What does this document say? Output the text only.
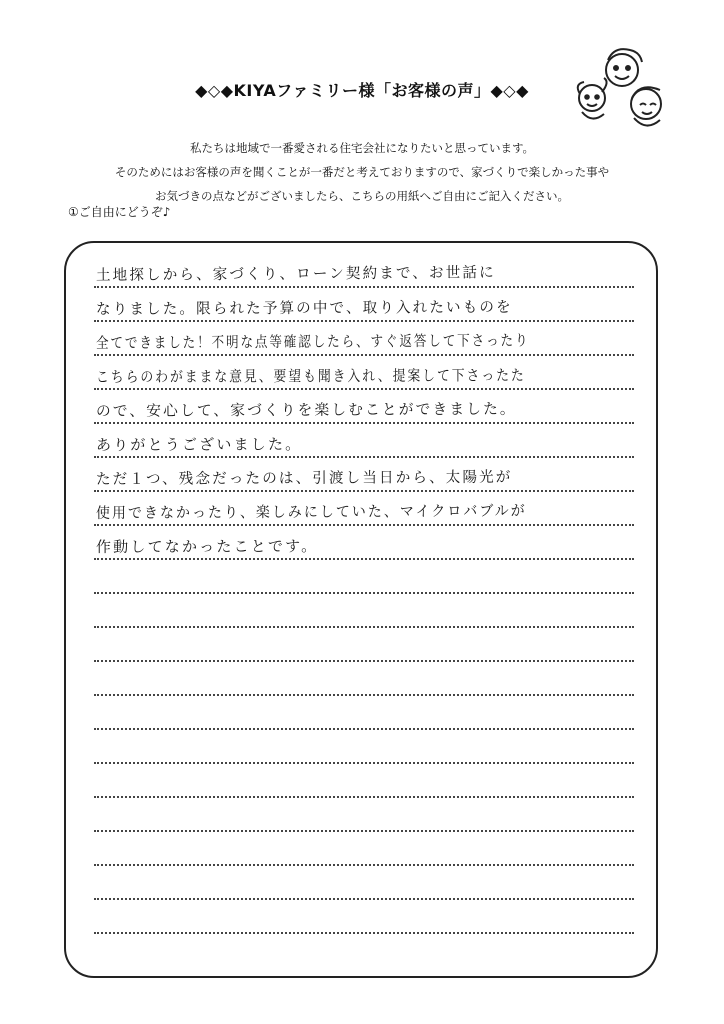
◆◇◆KIYAファミリー様「お客様の声」◆◇◆
私たちは地域で一番愛される住宅会社になりたいと思っています。
そのためにはお客様の声を聞くことが一番だと考えておりますので、家づくりで楽しかった事や
お気づきの点などがございましたら、こちらの用紙へご自由にご記入ください。
①ご自由にどうぞ♪
土地探しから、家づくり、ローン契約まで、お世話に
なりました。限られた予算の中で、取り入れたいものを
全てできました！不明な点等確認したら、すぐ返答して下さったり
こちらのわがままな意見、要望も聞き入れ、提案して下さったた
ので、安心して、家づくりを楽しむことができました。
ありがとうございました。
ただ１つ、残念だったのは、引渡し当日から、太陽光が
使用できなかったり、楽しみにしていた、マイクロバブルが
作動してなかったことです。
